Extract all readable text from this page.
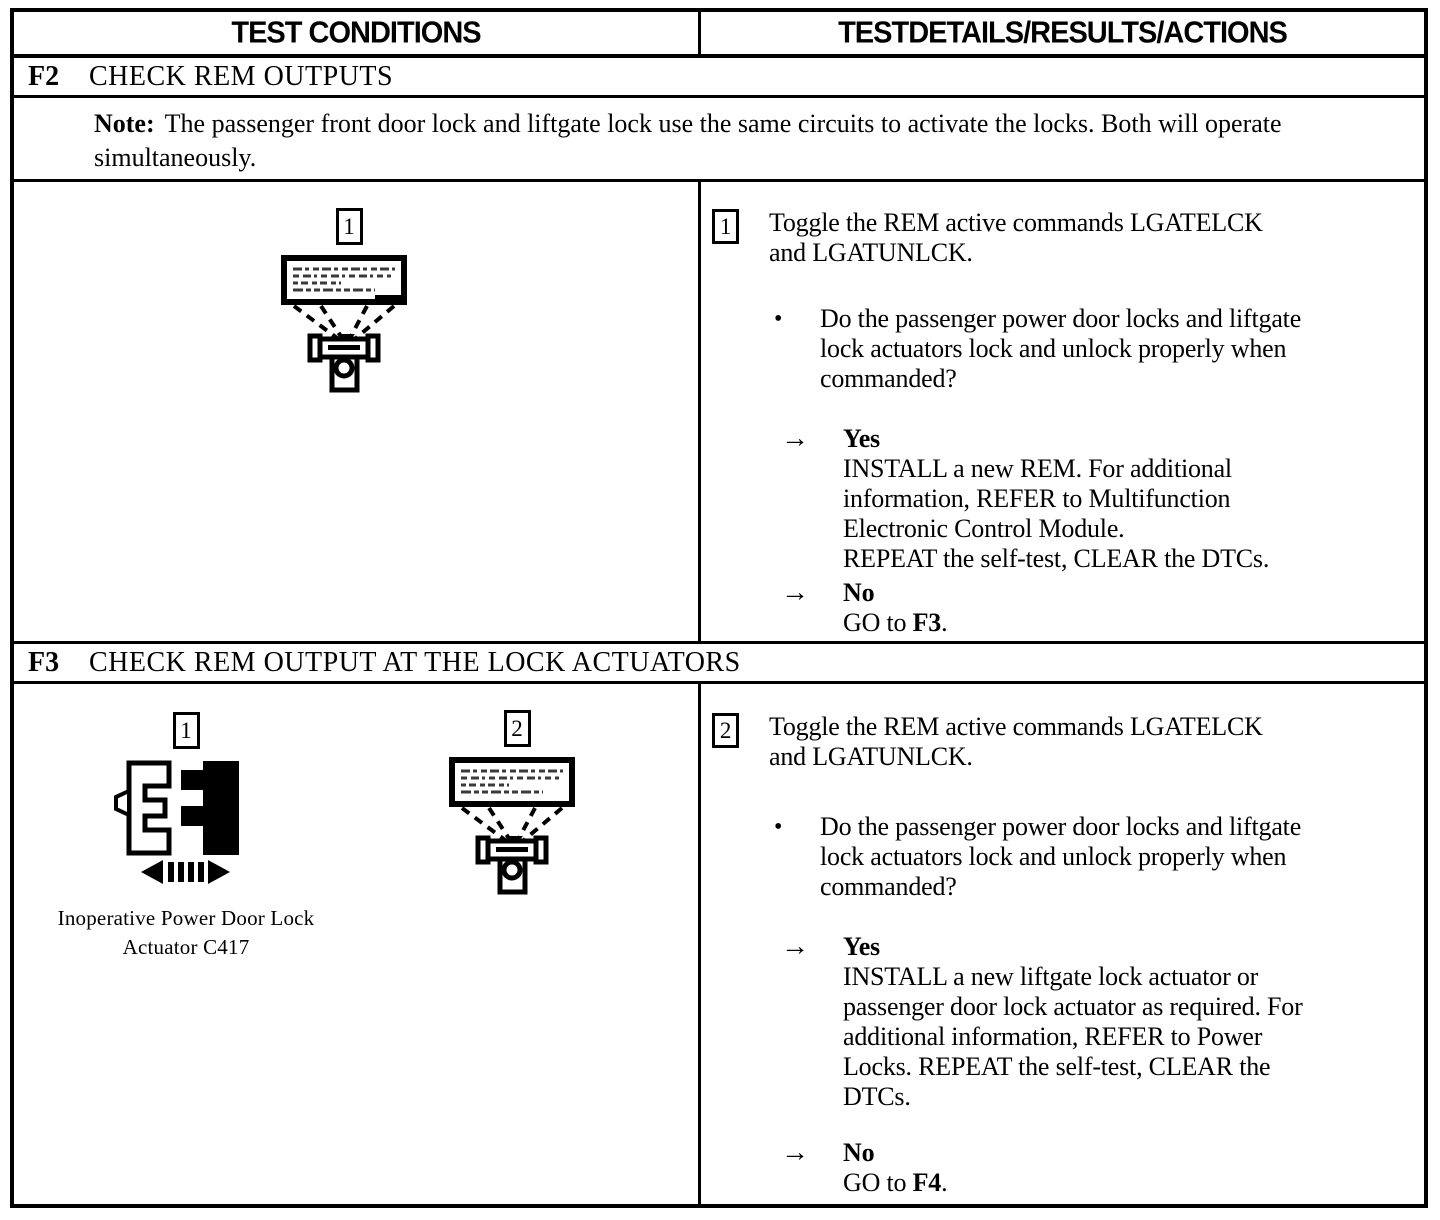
TEST CONDITIONS	TESTDETAILS/RESULTS/ACTIONS
F2	CHECK REM OUTPUTS
Note: The passenger front door lock and liftgate lock use the same circuits to activate the locks. Both will operate simultaneously.
1	1 Toggle the REM active commands LGATELCK
and LGATUNLCK.
•	Do the passenger power door locks and liftgate
lock actuators lock and unlock properly when
commanded?
→	Yes
INSTALL a new REM. For additional
information, REFER to Multifunction
Electronic Control Module.
REPEAT the self-test, CLEAR the DTCs.
→	No
GO to F3.
F3	CHECK REM OUTPUT AT THE LOCK ACTUATORS
1
Inoperative Power Door Lock
Actuator C417
2	2 Toggle the REM active commands LGATELCK
and LGATUNLCK.
•	Do the passenger power door locks and liftgate
lock actuators lock and unlock properly when
commanded?
→	Yes
INSTALL a new liftgate lock actuator or
passenger door lock actuator as required. For
additional information, REFER to Power
Locks. REPEAT the self-test, CLEAR the
DTCs.
→	No
GO to F4.
